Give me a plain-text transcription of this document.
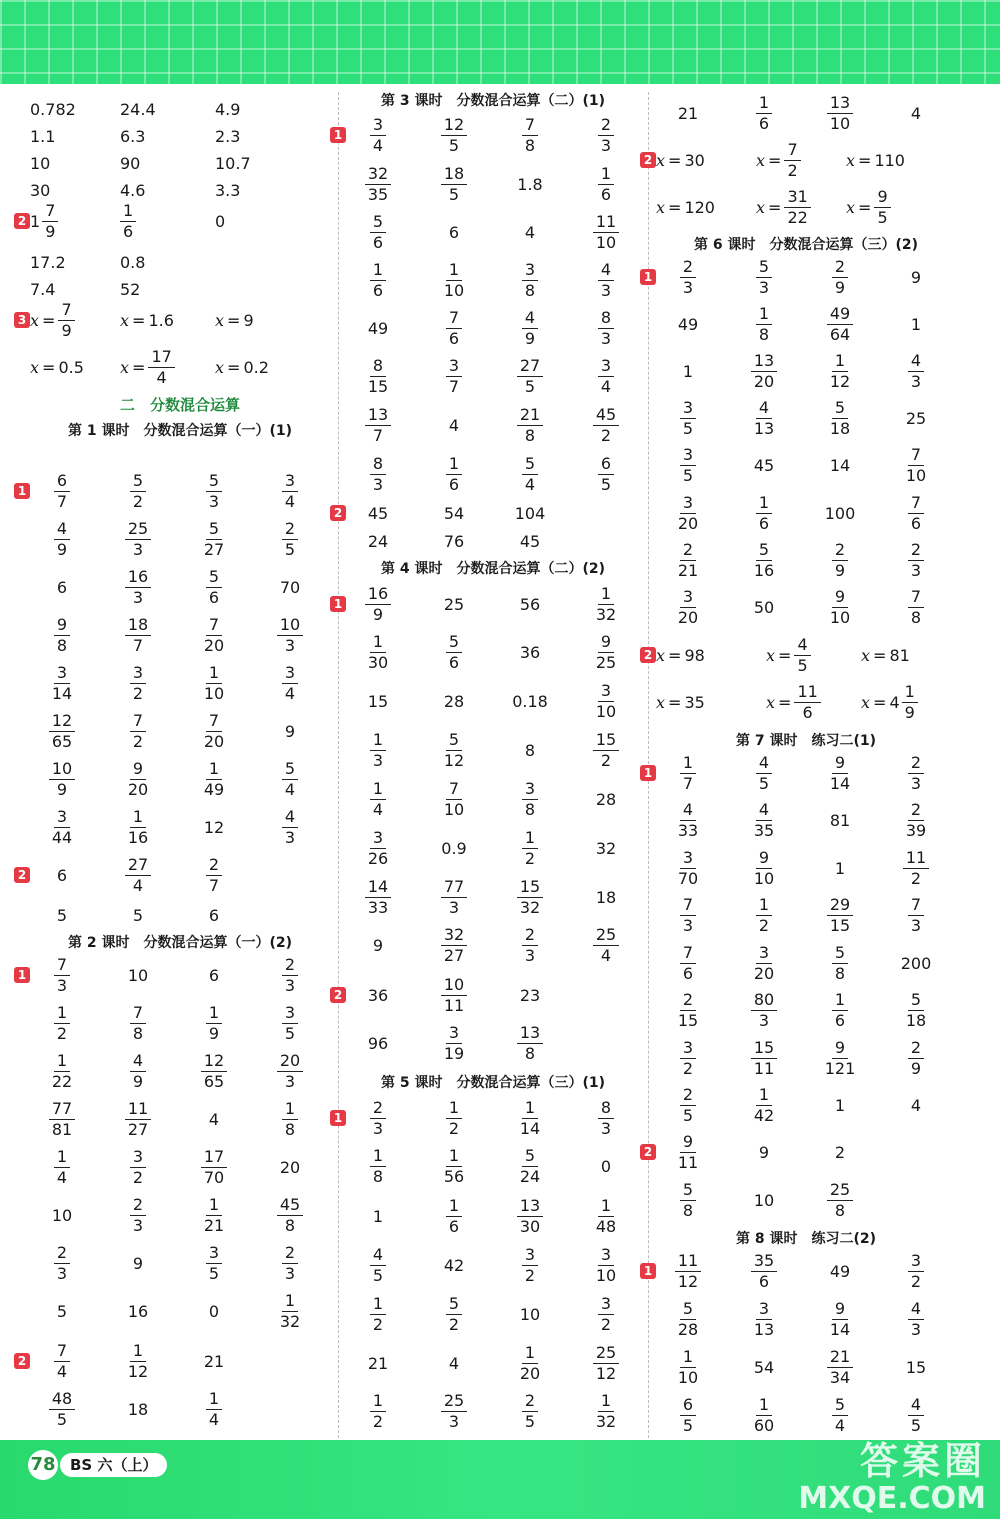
0.782	24.4	4.9
1.1	6.3	2.3
10	90	10.7
30	4.6	3.3
2 $1 \frac{7}{9}$	$\frac{1}{6}$	0
17.2	0.8
7.4	52
3 $x = \frac{7}{9}$	x = 1.6	x = 9
x = 0.5 $x = \frac{17}{4}$	x = 0.2
二　分数混合运算
第 1 课时　分数混合运算（一）(1)
$1 \frac{6}{7}$	$\frac{5}{2}$	$\frac{5}{3}$	$\frac{3}{4}$
$\frac{4}{9}$	$\frac{25}{3}$	$\frac{5}{27}$	$\frac{2}{5}$
6	$\frac{16}{3}$	$\frac{5}{6}$	70
$\frac{9}{8}$	$\frac{18}{7}$	$\frac{7}{20}$	$\frac{10}{3}$
$\frac{3}{14}$	$\frac{3}{2}$	$\frac{1}{10}$	$\frac{3}{4}$
$\frac{12}{65}$	$\frac{7}{2}$	$\frac{7}{20}$	9
$\frac{10}{9}$	$\frac{9}{20}$	$\frac{1}{49}$	$\frac{5}{4}$
$\frac{3}{44}$	$\frac{1}{16}$	12	$\frac{4}{3}$
2 6	$\frac{27}{4}$	$\frac{2}{7}$
5	5	6
第 2 课时　分数混合运算（一）(2)
$1 \frac{7}{3}$	10	6	$\frac{2}{3}$
$\frac{1}{2}$	$\frac{7}{8}$	$\frac{1}{9}$	$\frac{3}{5}$
$\frac{1}{22}$	$\frac{4}{9}$	$\frac{12}{65}$	$\frac{20}{3}$
$\frac{77}{81}$	$\frac{11}{27}$	4	$\frac{1}{8}$
$\frac{1}{4}$	$\frac{3}{2}$	$\frac{17}{70}$	20
10	$\frac{2}{3}$	$\frac{1}{21}$	$\frac{45}{8}$
$\frac{2}{3}$	9	$\frac{3}{5}$	$\frac{2}{3}$
5	16	0	$\frac{1}{32}$
$2 \frac{7}{4}$	$\frac{1}{12}$	21
$\frac{48}{5}$	18	$\frac{1}{4}$
第 3 课时　分数混合运算（二）(1)
$1 \frac{3}{4}$	$\frac{12}{5}$	$\frac{7}{8}$	$\frac{2}{3}$
$\frac{32}{35}$	$\frac{18}{5}$	1.8	$\frac{1}{6}$
$\frac{5}{6}$	6	4	$\frac{11}{10}$
$\frac{1}{6}$	$\frac{1}{10}$	$\frac{3}{8}$	$\frac{4}{3}$
49	$\frac{7}{6}$	$\frac{4}{9}$	$\frac{8}{3}$
$\frac{8}{15}$	$\frac{3}{7}$	$\frac{27}{5}$	$\frac{3}{4}$
$\frac{13}{7}$	4	$\frac{21}{8}$	$\frac{45}{2}$
$\frac{8}{3}$	$\frac{1}{6}$	$\frac{5}{4}$	$\frac{6}{5}$
2 45	54	104
24	76	45
第 4 课时　分数混合运算（二）(2)
$1 \frac{16}{9}$	25	56	$\frac{1}{32}$
$\frac{1}{30}$	$\frac{5}{6}$	36	$\frac{9}{25}$
15	28	0.18	$\frac{3}{10}$
$\frac{1}{3}$	$\frac{5}{12}$	8	$\frac{15}{2}$
$\frac{1}{4}$	$\frac{7}{10}$	$\frac{3}{8}$	28
$\frac{3}{26}$	0.9	$\frac{1}{2}$	32
$\frac{14}{33}$	$\frac{77}{3}$	$\frac{15}{32}$	18
9	$\frac{32}{27}$	$\frac{2}{3}$	$\frac{25}{4}$
2 36	$\frac{10}{11}$	23
96	$\frac{3}{19}$	$\frac{13}{8}$
第 5 课时　分数混合运算（三）(1)
$1 \frac{2}{3}$	$\frac{1}{2}$	$\frac{1}{14}$	$\frac{8}{3}$
$\frac{1}{8}$	$\frac{1}{56}$	$\frac{5}{24}$	0
1	$\frac{1}{6}$	$\frac{13}{30}$	$\frac{1}{48}$
$\frac{4}{5}$	42	$\frac{3}{2}$	$\frac{3}{10}$
$\frac{1}{2}$	$\frac{5}{2}$	10	$\frac{3}{2}$
21	4	$\frac{1}{20}$	$\frac{25}{12}$
$\frac{1}{2}$	$\frac{25}{3}$	$\frac{2}{5}$	$\frac{1}{32}$
21	$\frac{1}{6}$	$\frac{13}{10}$	4
2 x = 30	$x = \frac{7}{2}$	x = 110
x = 120	$x = \frac{31}{22}$ $x = \frac{9}{5}$
第 6 课时　分数混合运算（三）(2)
$1 \frac{2}{3}$	$\frac{5}{3}$	$\frac{2}{9}$	9
49	$\frac{1}{8}$	$\frac{49}{64}$	1
1	$\frac{13}{20}$	$\frac{1}{12}$	$\frac{4}{3}$
$\frac{3}{5}$	$\frac{4}{13}$	$\frac{5}{18}$	25
$\frac{3}{5}$	45	14	$\frac{7}{10}$
$\frac{3}{20}$	$\frac{1}{6}$	100	$\frac{7}{6}$
$\frac{2}{21}$	$\frac{5}{16}$	$\frac{2}{9}$	$\frac{2}{3}$
$\frac{3}{20}$	50	$\frac{9}{10}$	$\frac{7}{8}$
2 x = 98	$x = \frac{4}{5}$	x = 81
x = 35	$x = \frac{11}{6}$	$x = 4 \frac{1}{9}$
第 7 课时　练习二(1)
$1 \frac{1}{7}$	$\frac{4}{5}$	$\frac{9}{14}$	$\frac{2}{3}$
$\frac{4}{33}$	$\frac{4}{35}$	81	$\frac{2}{39}$
$\frac{3}{70}$	$\frac{9}{10}$	1	$\frac{11}{2}$
$\frac{7}{3}$	$\frac{1}{2}$	$\frac{29}{15}$	$\frac{7}{3}$
$\frac{7}{6}$	$\frac{3}{20}$	$\frac{5}{8}$	200
$\frac{2}{15}$	$\frac{80}{3}$	$\frac{1}{6}$	$\frac{5}{18}$
$\frac{3}{2}$	$\frac{15}{11}$	$\frac{9}{121}$	$\frac{2}{9}$
$\frac{2}{5}$	$\frac{1}{42}$	1	4
$2 \frac{9}{11}$	9	2
$\frac{5}{8}$	10	$\frac{25}{8}$
第 8 课时　练习二(2)
$1 \frac{11}{12}$	$\frac{35}{6}$	49	$\frac{3}{2}$
$\frac{5}{28}$	$\frac{3}{13}$	$\frac{9}{14}$	$\frac{4}{3}$
$\frac{1}{10}$	54	$\frac{21}{34}$	15
$\frac{6}{5}$	$\frac{1}{60}$	$\frac{5}{4}$	$\frac{4}{5}$
78 BS 六（上）	答案圈
MXQE.COM
